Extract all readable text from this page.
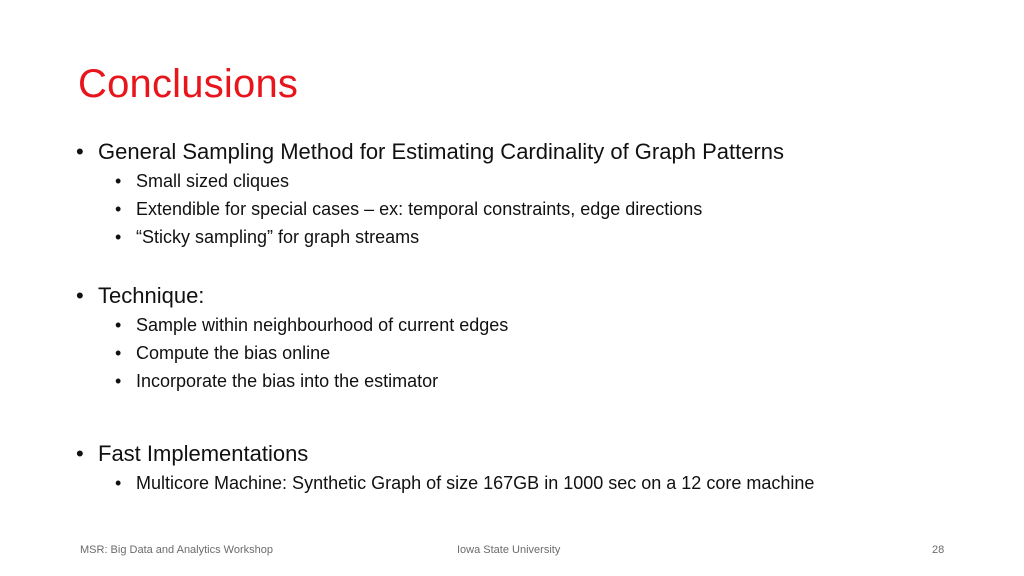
Conclusions
• General Sampling Method for Estimating Cardinality of Graph Patterns
• Small sized cliques
• Extendible for special cases – ex: temporal constraints, edge directions
• “Sticky sampling” for graph streams
• Technique:
• Sample within neighbourhood of current edges
• Compute the bias online
• Incorporate the bias into the estimator
• Fast Implementations
• Multicore Machine: Synthetic Graph of size 167GB in 1000 sec on a 12 core machine
MSR: Big Data and Analytics Workshop	Iowa State University	28
